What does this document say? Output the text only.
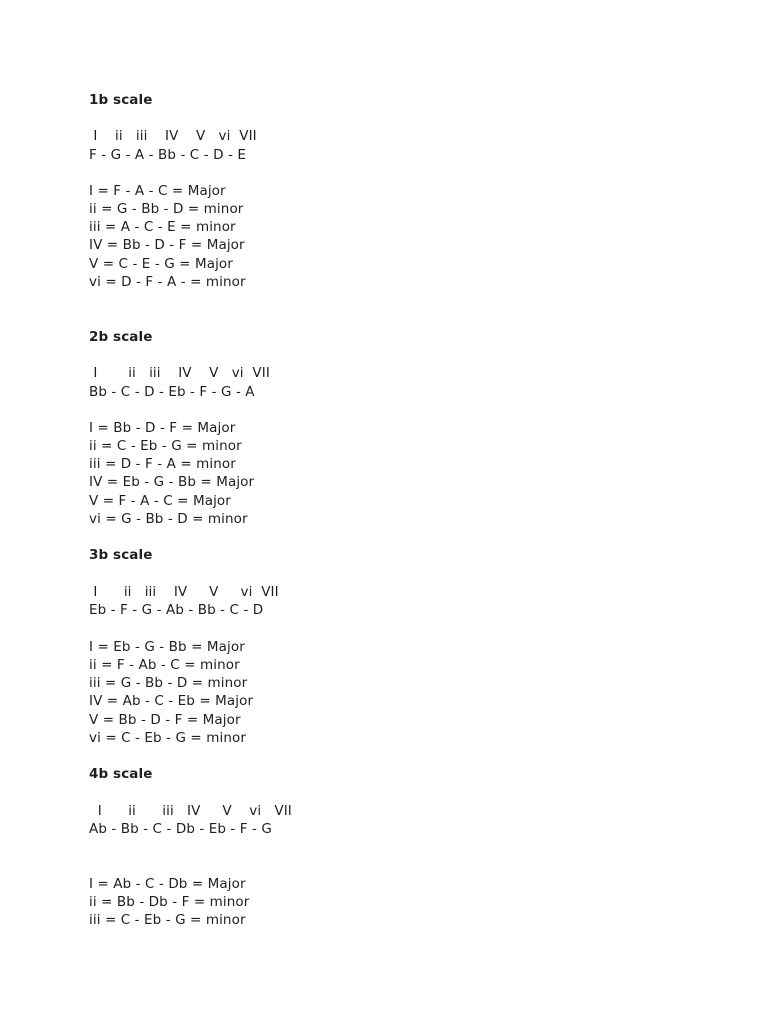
1b scale
I    ii   iii    IV    V   vi  VII
F - G - A - Bb - C - D - E
I = F - A - C = Major
ii = G - Bb - D = minor
iii = A - C - E = minor
IV = Bb - D - F = Major
V = C - E - G = Major
vi = D - F - A - = minor
2b scale
I       ii   iii    IV    V   vi  VII
Bb - C - D - Eb - F - G - A
I = Bb - D - F = Major
ii = C - Eb - G = minor
iii = D - F - A = minor
IV = Eb - G - Bb = Major
V = F - A - C = Major
vi = G - Bb - D = minor
3b scale
I      ii   iii    IV     V     vi  VII
Eb - F - G - Ab - Bb - C - D
I = Eb - G - Bb = Major
ii = F - Ab - C = minor
iii = G - Bb - D = minor
IV = Ab - C - Eb = Major
V = Bb - D - F = Major
vi = C - Eb - G = minor
4b scale
I      ii      iii   IV     V    vi   VII
Ab - Bb - C - Db - Eb - F - G
I = Ab - C - Db = Major
ii = Bb - Db - F = minor
iii = C - Eb - G = minor
